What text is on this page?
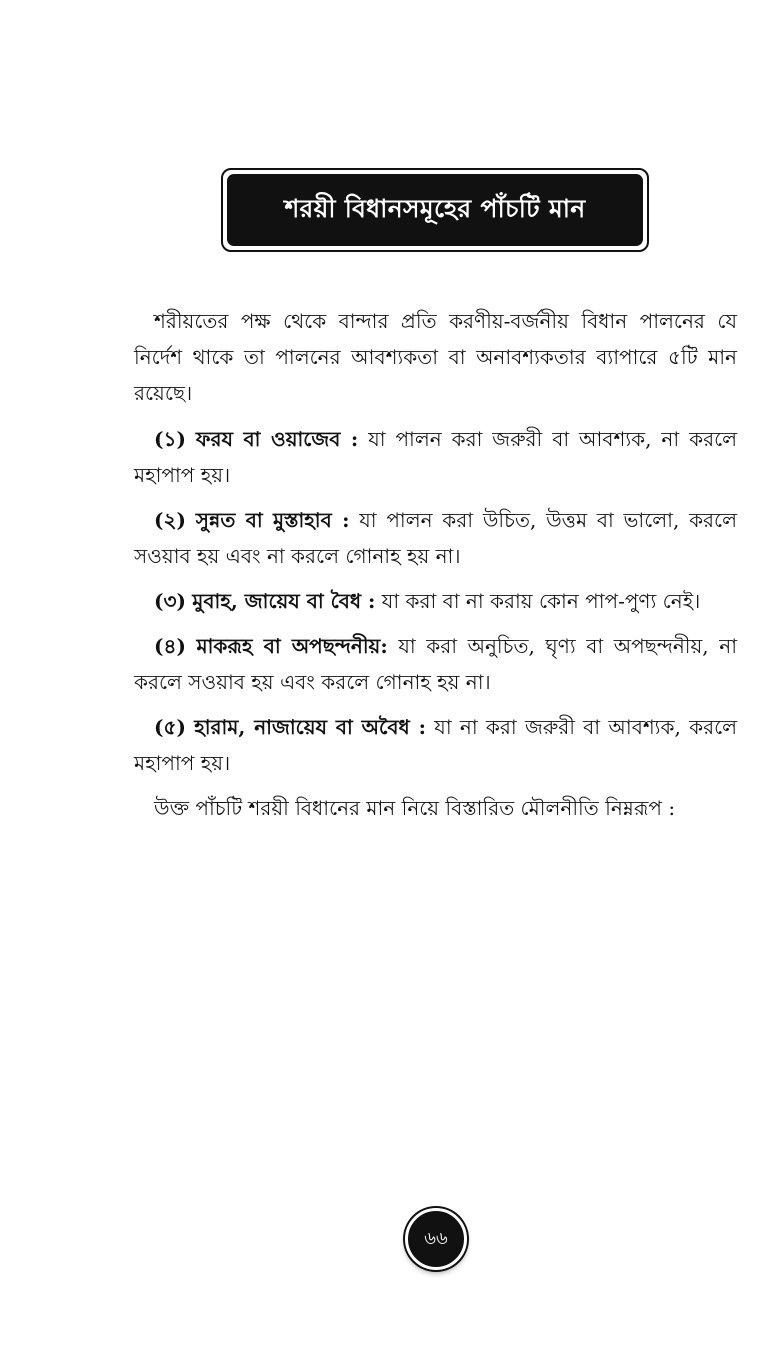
শরয়ী বিধানসমূহের পাঁচটি মান

শরীয়তের পক্ষ থেকে বান্দার প্রতি করণীয়-বর্জনীয় বিধান পালনের যে নির্দেশ থাকে তা পালনের আবশ্যকতা বা অনাবশ্যকতার ব্যাপারে ৫টি মান রয়েছে।

(১) ফরয বা ওয়াজেব : যা পালন করা জরুরী বা আবশ্যক, না করলে মহাপাপ হয়।

(২) সুন্নত বা মুস্তাহাব : যা পালন করা উচিত, উত্তম বা ভালো, করলে সওয়াব হয় এবং না করলে গোনাহ হয় না।

(৩) মুবাহ, জায়েয বা বৈধ : যা করা বা না করায় কোন পাপ-পুণ্য নেই।

(৪) মাকরূহ বা অপছন্দনীয়: যা করা অনুচিত, ঘৃণ্য বা অপছন্দনীয়, না করলে সওয়াব হয় এবং করলে গোনাহ হয় না।

(৫) হারাম, নাজায়েয বা অবৈধ : যা না করা জরুরী বা আবশ্যক, করলে মহাপাপ হয়।

উক্ত পাঁচটি শরয়ী বিধানের মান নিয়ে বিস্তারিত মৌলনীতি নিম্নরূপ :

৬৬
